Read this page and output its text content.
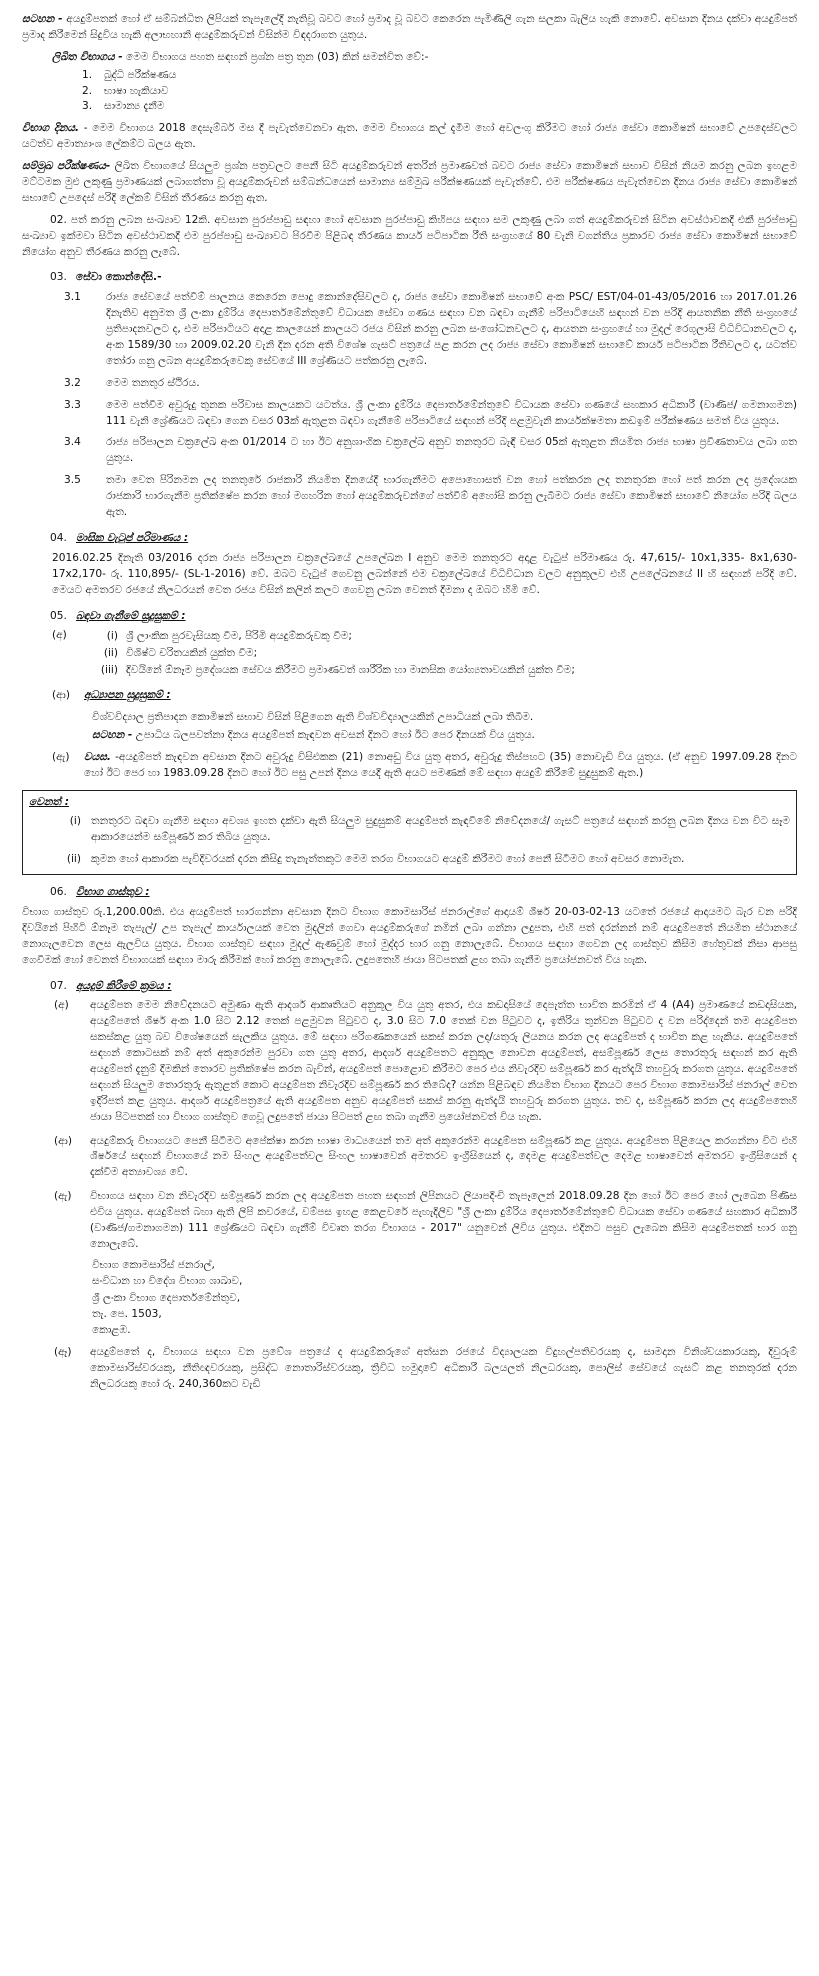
සටහන - අයදුම්පතක් හෝ ඒ සම්බන්ධිත ලිපියක් තැපෑලේදී නැතිවූ බවට හෝ ප්‍රමාද වූ බවට කෙරෙන පැමිණිලි ගැන සලකා බැලිය හැකි නොවේ. අවසාන දිනය දක්වා අයදුම්පත් ප්‍රමාද කිරීමෙන් සිදුවිය හැකි අලාභහානි අයදුම්කරුවන් විසින්ම විඳදරාගත යුතුය.

ලිඛිත විභාගය - මෙම විභාගය පහත සඳහන් ප්‍රශ්න පත්‍ර තුන (03) කින් සමන්විත වේ:-

1.	බුද්ධි පරීක්ෂණය
2.	භාෂා හැකියාව
3.	සාමාන්‍ය දැනීම

විභාග දිනය. - මෙම විභාගය 2018 දෙසැම්බර් මස දී පැවැත්වෙනවා ඇත. මෙම විභාගය කල් දැමීම හෝ අවලංගු කිරීමට හෝ රාජ්‍ය සේවා කොමිෂන් සභාවේ උපදෙස්වලට යටත්ව අමාත්‍යාංශ ලේකම්ට බලය ඇත.

සම්මුඛ පරීක්ෂණය- ලිඛිත විභාගයේ සියලුම ප්‍රශ්න පත්‍රවලට පෙනී සිටි අයදුම්කරුවන් අතරින් ප්‍රමාණවත් බවට රාජ්‍ය සේවා කොමිෂන් සභාව විසින් නියම කරනු ලබන ඉහළම මට්ටමක මුළු ලකුණු ප්‍රමාණයක් ලබාගත්තා වූ අයදුම්කරුවන් සම්බන්ධයෙන් සාමාන්‍ය සම්මුඛ පරීක්ෂණයක් පැවැත්වේ. එම පරීක්ෂණය පැවැත්වෙන දිනය රාජ්‍ය සේවා කොමිෂන් සභාවේ උපදෙස් පරිදි ලේකම් විසින් තීරණය කරනු ඇත.

02. පත් කරනු ලබන සංඛ්‍යාව 12කි. අවසාන පුරප්පාඩු සඳහා හෝ අවසාන පුරප්පාඩු කිහිපය සඳහා සම ලකුණු ලබා ගත් අයදුම්කරුවන් සිටින අවස්ථාවකදී එකී පුරප්පාඩු සංඛ්‍යාව ඉක්මවා සිටින අවස්ථාවකදී එම පුරප්පාඩු සංඛ්‍යාවට පිරවීම පිළිබඳ තීරණය කාර්ය පටිපාටික රීති සංග්‍රහයේ 80 වැනි වගන්තිය ප්‍රකාරව රාජ්‍ය සේවා කොමිෂන් සභාවේ නියෝග අනුව තීරණය කරනු ලැබේ.

03. සේවා කොන්දේසි.-
3.1	රාජ්‍ය සේවයේ පත්වීම් පාලනය කෙරෙන පොදු කොන්දේසිවලට ද, රාජ්‍ය සේවා කොමිෂන් සභාවේ අංක PSC/ EST/04-01-43/05/2016 හා 2017.01.26 දිනැතිව අනුමත ශ්‍රී ලංකා දුම්රිය දෙපාර්තමේන්තුවේ විධායක සේවා ගණය සඳහා වන බඳවා ගැනීම් පරිපාටියෙහි සඳහන් වන පරිදි ආයතනික නීති සංග්‍රහයේ ප්‍රතිපාදනවලට ද, එම පරිපාටියට අදාළ කාලයෙන් කාලයට රජය විසින් කරනු ලබන සංශෝධනවලට ද, ආයතන සංග්‍රහයේ හා මුදල් රෙගුලාසි විධිවිධානවලට ද, අංක 1589/30 හා 2009.02.20 වැනි දින දරන අති විශේෂ ගැසට් පත්‍රයේ පළ කරන ලද රාජ්‍ය සේවා කොමිෂන් සභාවේ කාර්ය පටිපාටික රීතිවලට ද, යටත්ව තෝරා ගනු ලබන අයදුම්කරුවෙකු සේවයේ III ශ්‍රේණියට පත්කරනු ලැබේ.
3.2	මෙම තනතුර ස්ථිරය.
3.3	මෙම පත්වීම අවුරුදු තුනක පරිවාස කාලයකට යටත්ය. ශ්‍රී ලංකා දුම්රිය දෙපාර්තමේන්තුවේ විධායක සේවා ගණයේ සහකාර අධිකාරී (වාණිජ/ ගමනාගමන) 111 වැනි ශ්‍රේණියට බඳවා ගෙන වසර 03ක් ඇතුළත බඳවා ගැනීමේ පරිපාටියේ සඳහන් පරිදි පළමුවැනි කාර්යක්ෂමතා කඩඉම් පරීක්ෂණය සමත් විය යුතුය.
3.4	රාජ්‍ය පරිපාලන චක්‍රලේඛ අංක 01/2014 ට හා ඊට අනුශාංගික චක්‍රලේඛ අනුව තනතුරට බැඳී වසර 05ක් ඇතුළත නියමිත රාජ්‍ය භාෂා ප්‍රවීණතාවය ලබා ගත යුතුය.
3.5	තමා වෙත පිරිනමන ලද තනතුරේ රාජකාරි නියමිත දිනයේදී භාරගැනීමට අපොහොසත් වන හෝ පත්කරන ලද තනතුරක හෝ පත් කරන ලද ප්‍රදේශයක රාජකාරි භාරගැනීම ප්‍රතික්ෂේප කරන හෝ මගහරින හෝ අයදුම්කරුවන්ගේ පත්වීම් අහෝසි කරනු ලැබීමට රාජ්‍ය සේවා කොමිෂන් සභාවේ නියෝග පරිදි බලය ඇත.
04. මාසික වැටුප් පරිමාණය :

2016.02.25 දිනැති 03/2016 දරන රාජ්‍ය පරිපාලන චක්‍රලේඛයේ උපලේඛන I අනුව මෙම තනතුරට අදාළ වැටුප් පරිමාණය රු. 47,615/- 10x1,335- 8x1,630-17x2,170- රු. 110,895/- (SL-1-2016) වේ. ඔබට වැටුප් ගෙවනු ලබන්නේ එම චක්‍රලේඛයේ විධිවිධාන වලට අනුකූලව එහි උපලේඛනයේ II හි සඳහන් පරිදි වේ. මෙයට අමතරව රජයේ නිලධරයන් වෙත රජය විසින් කලින් කලට ගෙවනු ලබන වෙනත් දීමනා ද ඔබට හිමි වේ.

05. බඳවා ගැනීමේ සුදුසුකම් :
(අ)	(i) ශ්‍රී ලාංකික පුරවැසියකු වීම, පිරිමි අයදුම්කරුවකු වීම;
(ii) විශිෂ්ට චරිතයකින් යුක්ත වීම;
(iii) දිවයිනේ ඕනෑම ප්‍රදේශයක සේවය කිරීමට ප්‍රමාණවත් ශාරීරික හා මානසික යෝග්‍යතාවයකින් යුක්ත වීම;
(ආ)	අධ්‍යාපන සුදුසුකම් :

විශ්වවිද්‍යාල ප්‍රතිපාදන කොමිෂන් සභාව විසින් පිළිගෙන ඇති විශ්වවිද්‍යාලයකින් උපාධියක් ලබා තිබීම.

සටහන - උපාධිය බලපවත්නා දිනය අයදුම්පත් කැඳවන අවසන් දිනට හෝ ඊට පෙර දිනයක් විය යුතුය.

(ඇ)	වයස. -අයදුම්පත් කැඳවන අවසාන දිනට අවුරුදු විසිඑකක (21) නොඅඩු විය යුතු අතර, අවුරුදු තිස්පහට (35) නොවැඩි විය යුතුය. (ඒ අනුව 1997.09.28 දිනට හෝ ඊට පෙර හා 1983.09.28 දිනට හෝ ඊට පසු උපන් දිනය යෙදී ඇති අයට පමණක් මේ සඳහා අයදුම් කිරීමේ සුදුසුකම් ඇත.)

වෙනත් :
(i) තනතුරට බඳවා ගැනීම සඳහා අවශ්‍ය ඉහත දක්වා ඇති සියලුම සුදුසුකම් අයදුම්පත් කැඳවීමේ නිවේදනයේ/ ගැසට් පත්‍රයේ සඳහන් කරනු ලබන දිනය වන විට සෑම ආකාරයෙන්ම සම්පූර්ණ කර තිබිය යුතුය.
(ii) කුමන හෝ ආකාරක පැවිදිවරයක් දරන කිසිදු තැනැත්තකුට මෙම තරග විභාගයට අයදුම් කිරීමට හෝ පෙනී සිටීමට හෝ අවසර නොමැත.
06. විභාග ගාස්තුව :

විභාග ගාස්තුව රු.1,200.00කි. එය අයදුම්පත් භාරගන්නා අවසාන දිනට විභාග කොමසාරිස් ජනරාල්ගේ ආදායම් ශීර්ෂ 20-03-02-13 යටතේ රජයේ ආදායමට බැර වන පරිදි දිවයිනේ පිහිටි ඕනෑම තැපැල්/ උප තැපැල් කාර්යාලයක් වෙත මුදලින් ගෙවා අයදුම්කරුගේ නමින් ලබා ගන්නා ලදුපත, එහි පත් දරන්නන් නම් අයදුම්පතේ නියමිත ස්ථානයේ නොගැලවෙන ලෙස ඇලවිය යුතුය. විභාග ගාස්තුව සඳහා මුදල් ඇණවුම් හෝ මුද්දර භාර ගනු නොලැබේ. විභාගය සඳහා ගෙවන ලද ගාස්තුව කිසිම හේතුවක් නිසා ආපසු ගෙවීමක් හෝ වෙනත් විභාගයක් සඳහා මාරු කිරීමක් හෝ කරනු නොලැබේ. ලදුපතෙහි ජායා පිටපතක් ළඟ තබා ගැනීම ප්‍රයෝජනවත් විය හැක.

07. අයදුම් කිරීමේ ක්‍රමය :
(අ)	අයදුම්පත මෙම නිවේදනයට අමුණා ඇති ආදර්ශ ආකෘතියට අනුකූල විය යුතු අතර, එය කඩදාසියේ දෙපැත්ත භාවිත කරමින් ඒ 4 (A4) ප්‍රමාණයේ කඩදාසියක, අයදුම්පතේ ශීර්ෂ අංක 1.0 සිට 2.12 තෙක් පළමුවන පිටුවට ද, 3.0 සිට 7.0 තෙක් වන පිටුවට ද, ඉතිරිය තුන්වන පිටුවට ද වන පරිද්දෙන් තම අයදුම්පත සකස්කළ යුතු බව විශේෂයෙන් සැලකිය යුතුය. මේ සඳහා පරිගණකයෙන් සකස් කරන ලද/යතුරු ලියනය කරන ලද අයදුම්පත් ද භාවිත කළ හැකිය. අයදුම්පතේ සඳහන් කොටසක් නම් අත් අකුරෙන්ම පුරවා ගත යුතු අතර, ආදර්ශ අයදුම්පතට අනුකූල නොවන අයදුම්පත්, අසම්පූර්ණ ලෙස තොරතුරු සඳහන් කර ඇති අයදුම්පත් දැනුම් දීමකින් තොරව ප්‍රතික්ෂේප කරන බැවින්, අයදුම්පත් පොළොව කිරීමට පෙර එය නිවැරදිව සම්පූර්ණ කර ඇත්දැයි තහවුරු කරගත යුතුය. අයදුම්පතේ සඳහන් සියලුම තොරතුරු ඇතුළත් කොට අයදුම්පත නිවැරදිව සම්පූර්ණ කර තිබේද? යන්න පිළිබඳව නියමිත විභාග දිනයට පෙර විභාග කොමසාරිස් ජනරාල් වෙත ඉදිරිපත් කළ යුතුය. ආදර්ශ අයදුම්පත්‍රයේ ඇති අයදුම්පත අනුව අයදුම්පත් සකස් කරනු ඇත්දැයි තහවුරු කරගත යුතුය. තව ද, සම්පූර්ණ කරන ලද අයදුම්පතෙහි ජායා පිටපතක් හා විභාග ගාස්තුව ගෙවූ ලදුපතේ ජායා පිටපත් ළඟ තබා ගැනීම ප්‍රයෝජනවත් විය හැක.
(ආ)	අයදුම්කරු විභාගයට පෙනී සිටීමට අපේක්ෂා කරන භාෂා මාධ්‍යයෙන් තම අත් අකුරෙන්ම අයදුම්පත සම්පූර්ණ කළ යුතුය. අයදුම්පත පිළියෙල කරගන්නා විට එහි ශීර්ෂයේ සඳහන් විභාගයේ නම සිංහල අයදුම්පත්වල සිංහල භාෂාවෙන් අමතරව ඉංග්‍රීසියෙන් ද, දෙමළ අයදුම්පත්වල දෙමළ භාෂාවෙන් අමතරව ඉංග්‍රීසියෙන් ද දැක්වීම අත්‍යාවශ්‍ය වේ.
(ඇ)	විභාගය සඳහා වන නිවැරදිව සම්පූර්ණ කරන ලද අයදුම්පත පහත සඳහන් ලිපිනයට ලියාපදිංචි තැපෑලෙන් 2018.09.28 දින හෝ ඊට පෙර හෝ ලැබෙන පිණිස එවිය යුතුය. අයදුම්පත් බහා ඇති ලිපි කවරයේ, වම්පස ඉහළ කෙළවරේ පැහැදිලිව "ශ්‍රී ලංකා දුම්රිය දෙපාර්තමේන්තුවේ විධායක සේවා ගණයේ සහකාර අධිකාරී (වාණිජ/ගමනාගමන) 111 ශ්‍රේණියට බඳවා ගැනීම් විවෘත තරග විභාගය - 2017" යනුවෙන් ලිවිය යුතුය. එදිනට පසුව ලැබෙන කිසිම අයදුම්පතක් භාර ගනු නොලැබේ.
විභාග කොමසාරිස් ජනරාල්,
සංවිධාන හා විදේශ විභාග ශාඛාව,
ශ්‍රී ලංකා විභාග දෙපාර්තමේන්තුව,
තැ. පෙ. 1503,
කොළඹ.
(ඈ)	අයදුම්පතේ ද, විභාගය සඳහා වන ප්‍රවේශ පත්‍රයේ ද අයදුම්කරුගේ අත්සන රජයේ විද්‍යාලයක විදුහල්පතිවරයකු ද, සාමදාන විනිශ්චයකාරයකු, දිවුරුම් කොමසාරිස්වරයකු, නීතිඥවරයකු, ප්‍රසිද්ධ නොතාරිස්වරයකු, ත්‍රිවිධ හමුදාවේ අධිකාරී බලයලත් නිලධරයකු, පොලිස් සේවයේ ගැසට් කළ තනතුරක් දරන නිලධරයකු හෝ රු. 240,360කට වැඩි
